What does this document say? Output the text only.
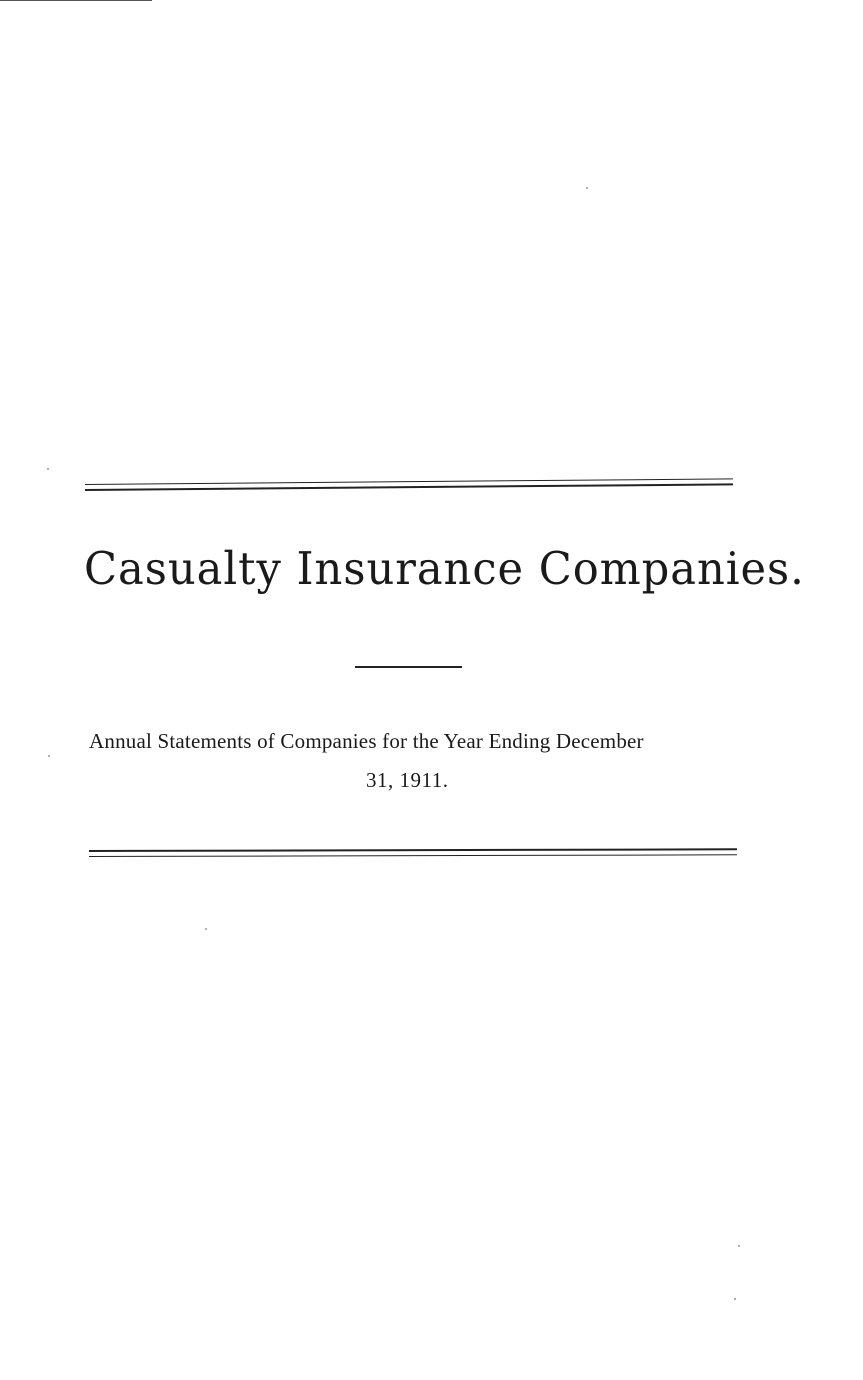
Casualty Insurance Companies.
Annual Statements of Companies for the Year Ending December
31, 1911.
